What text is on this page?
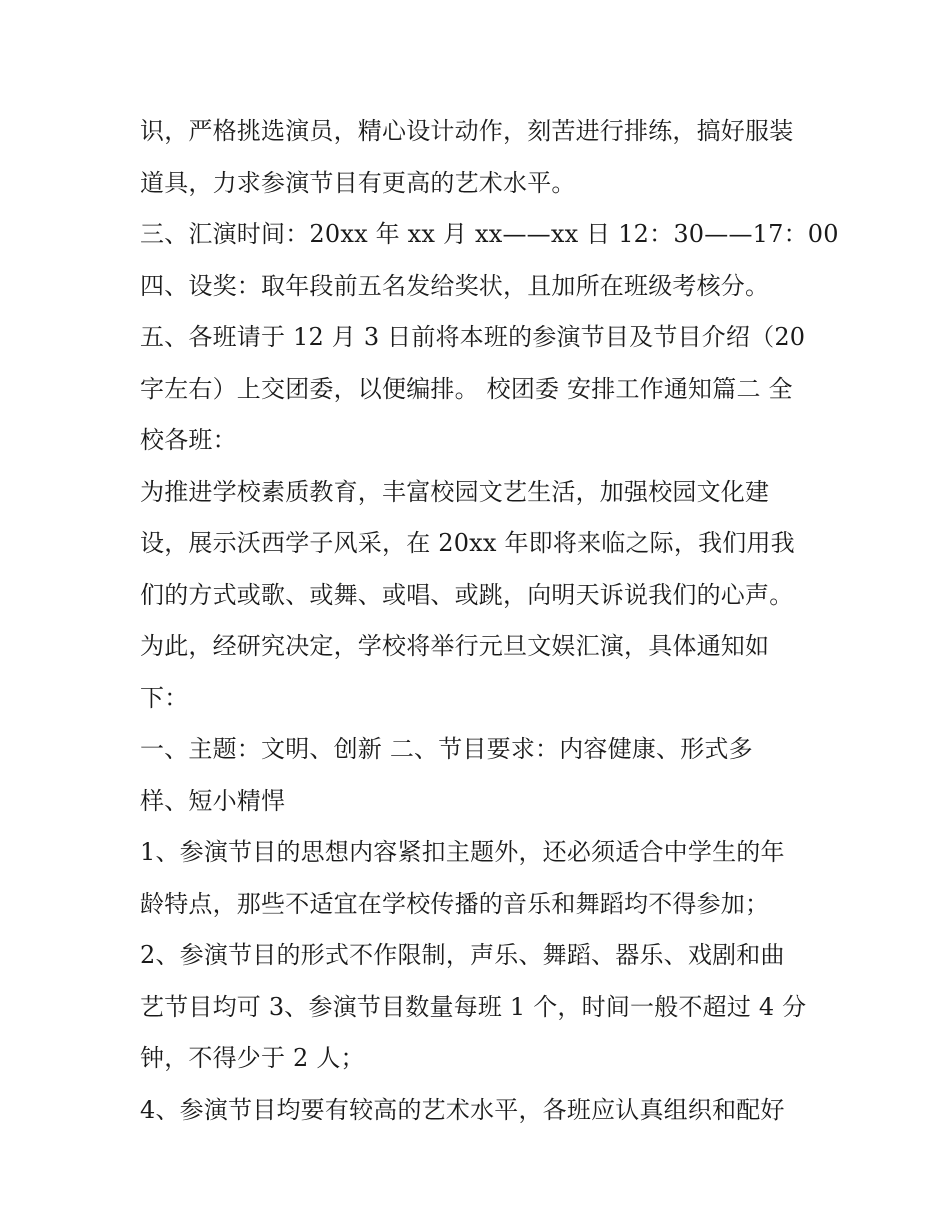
识，严格挑选演员，精心设计动作，刻苦进行排练，搞好服装
道具，力求参演节目有更高的艺术水平。
三、汇演时间：20xx 年 xx 月 xx——xx 日 12：30——17：00
四、设奖：取年段前五名发给奖状，且加所在班级考核分。
五、各班请于 12 月 3 日前将本班的参演节目及节目介绍（20
字左右）上交团委，以便编排。 校团委 安排工作通知篇二 全
校各班：
为推进学校素质教育，丰富校园文艺生活，加强校园文化建
设，展示沃西学子风采，在 20xx 年即将来临之际，我们用我
们的方式或歌、或舞、或唱、或跳，向明天诉说我们的心声。
为此，经研究决定，学校将举行元旦文娱汇演，具体通知如
下：
一、主题：文明、创新 二、节目要求：内容健康、形式多
样、短小精悍
1、参演节目的思想内容紧扣主题外，还必须适合中学生的年
龄特点，那些不适宜在学校传播的音乐和舞蹈均不得参加；
2、参演节目的形式不作限制，声乐、舞蹈、器乐、戏剧和曲
艺节目均可 3、参演节目数量每班 1 个，时间一般不超过 4 分
钟，不得少于 2 人；
4、参演节目均要有较高的艺术水平，各班应认真组织和配好
